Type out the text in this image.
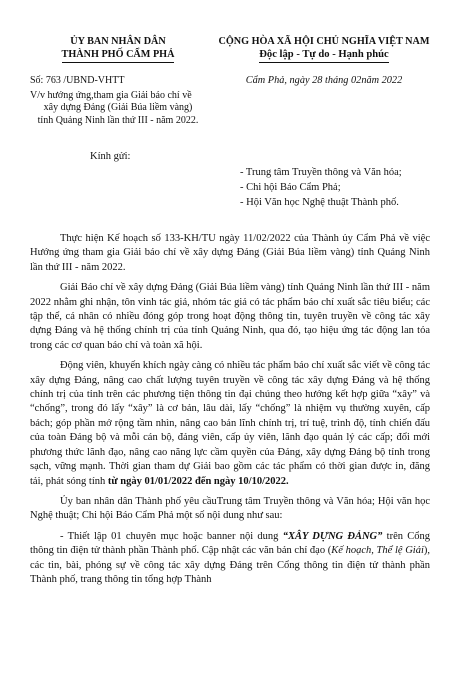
ỦY BAN NHÂN DÂN
THÀNH PHỐ CẨM PHẢ
CỘNG HÒA XÃ HỘI CHỦ NGHĨA VIỆT NAM
Độc lập - Tự do - Hạnh phúc
Số: 763 /UBND-VHTT
V/v hướng ứng,tham gia Giải báo chí về
xây dựng Đảng (Giải Búa liềm vàng)
tỉnh Quảng Ninh lần thứ III - năm 2022.
Cẩm Phả, ngày 28 tháng 02năm 2022
Kính gửi:
- Trung tâm Truyền thông và Văn hóa;
- Chi hội Báo Cẩm Phả;
- Hội Văn học Nghệ thuật Thành phố.

Thực hiện Kế hoạch số 133-KH/TU ngày 11/02/2022 của Thành ủy Cẩm Phả về việc Hướng ứng tham gia Giải báo chí về xây dựng Đảng (Giải Búa liềm vàng) tỉnh Quảng Ninh lần thứ III - năm 2022.

Giải Báo chí về xây dựng Đảng (Giải Búa liềm vàng) tỉnh Quảng Ninh lần thứ III - năm 2022 nhằm ghi nhận, tôn vinh tác giả, nhóm tác giả có tác phẩm báo chí xuất sắc tiêu biểu; các tập thể, cá nhân có nhiều đóng góp trong hoạt động thông tin, tuyên truyền về công tác xây dựng Đảng và hệ thống chính trị của tỉnh Quảng Ninh, qua đó, tạo hiệu ứng tác động lan tỏa trong các cơ quan báo chí và toàn xã hội.

Động viên, khuyến khích ngày càng có nhiều tác phẩm báo chí xuất sắc viết về công tác xây dựng Đảng, nâng cao chất lượng tuyên truyền về công tác xây dựng Đảng và hệ thống chính trị của tỉnh trên các phương tiện thông tin đại chúng theo hướng kết hợp giữa “xây” và “chống”, trong đó lấy “xây” là cơ bản, lâu dài, lấy “chống” là nhiệm vụ thường xuyên, cấp bách; góp phần mở rộng tầm nhìn, nâng cao bản lĩnh chính trị, trí tuệ, trình độ, tính chiến đấu của toàn Đảng bộ và mỗi cán bộ, đảng viên, cấp ủy viên, lãnh đạo quản lý các cấp; đổi mới phương thức lãnh đạo, nâng cao năng lực cầm quyền của Đảng, xây dựng Đảng bộ tỉnh trong sạch, vững mạnh. Thời gian tham dự Giải bao gồm các tác phẩm có thời gian được in, đăng tải, phát sóng tính từ ngày 01/01/2022 đến ngày 10/10/2022.

Ủy ban nhân dân Thành phố yêu cầuTrung tâm Truyền thông và Văn hóa; Hội văn học Nghệ thuật; Chi hội Báo Cẩm Phả một số nội dung như sau:

- Thiết lập 01 chuyên mục hoặc banner nội dung “XÂY DỰNG ĐẢNG” trên Cổng thông tin điện tử thành phần Thành phố. Cập nhật các văn bản chỉ đạo (Kế hoạch, Thể lệ Giải), các tin, bài, phóng sự về công tác xây dựng Đảng trên Cổng thông tin điện tử thành phần Thành phố, trang thông tin tổng hợp Thành
